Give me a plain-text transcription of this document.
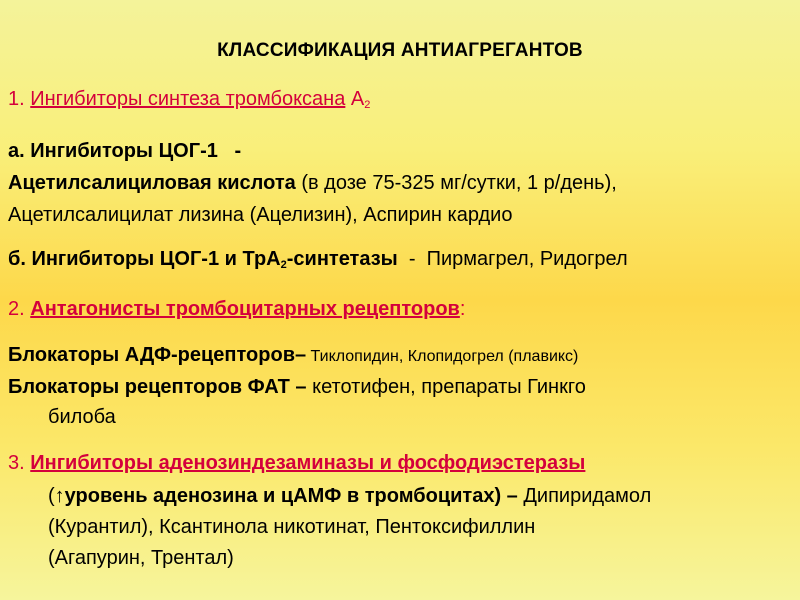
КЛАССИФИКАЦИЯ АНТИАГРЕГАНТОВ
1. Ингибиторы синтеза тромбоксана $А_2$
а. Ингибиторы ЦОГ-1   -
Ацетилсалициловая кислота (в дозе 75-325 мг/сутки, 1 р/день),
Ацетилсалицилат лизина (Ацелизин), Аспирин кардио
б. Ингибиторы ЦОГ-1 и ТрА$_2$-синтетазы  -  Пирмагрел, Ридогрел
2. Антагонисты тромбоцитарных рецепторов:
Блокаторы АДФ-рецепторов– Тиклопидин, Клопидогрел (плавикс)
Блокаторы рецепторов ФАТ – кетотифен, препараты Гинкго
билоба
3. Ингибиторы аденозиндезаминазы и фосфодиэстеразы
(↑уровень аденозина и цАМФ в тромбоцитах) – Дипиридамол
(Курантил), Ксантинола никотинат, Пентоксифиллин
(Агапурин, Трентал)
